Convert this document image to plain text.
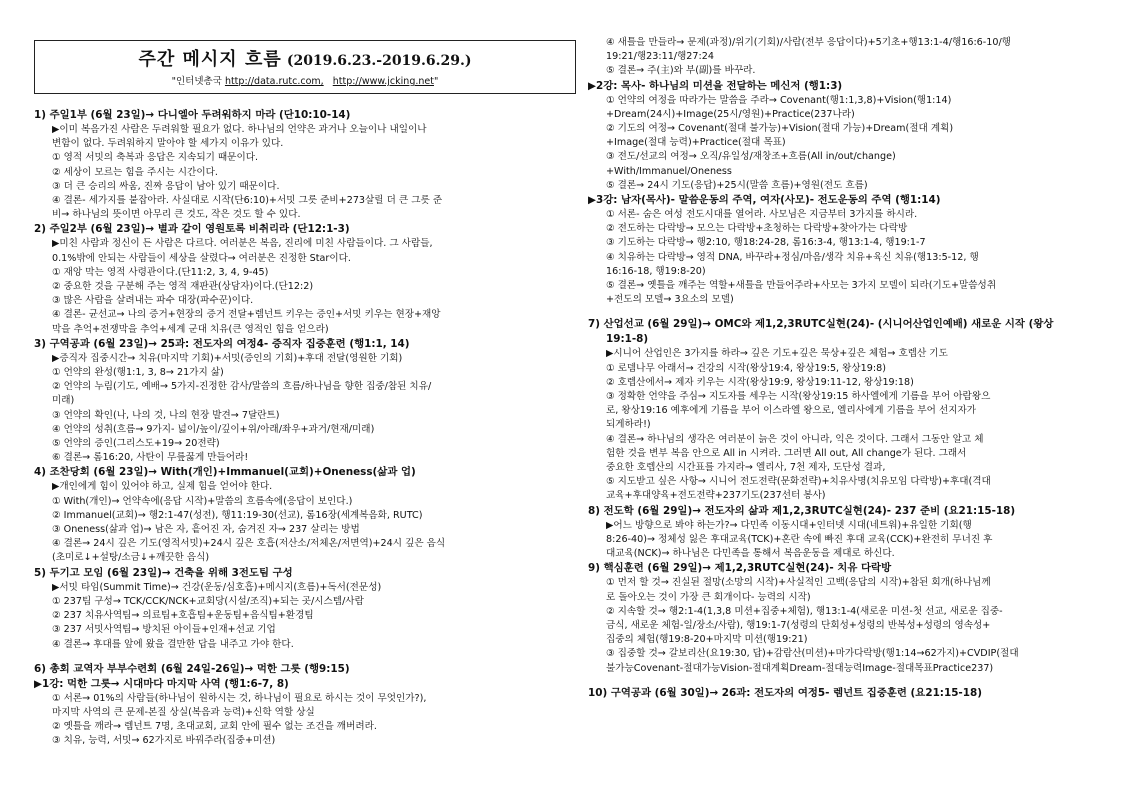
주간 메시지 흐름 (2019.6.23.-2019.6.29.)
"인터넷총국 http://data.rutc.com, http://www.jcking.net"
1) 주일1부 (6월 23일)→ 다니엘아 두려워하지 마라 (단10:10-14)
▶이미 복음가진 사람은 두려워할 필요가 없다. 하나님의 언약은 과거나 오늘이나 내일이나
변함이 없다. 두려워하지 말아야 할 세가지 이유가 있다.
① 영적 서밋의 축복과 응답은 지속되기 때문이다.
② 세상이 모르는 힘을 주시는 시간이다.
③ 더 큰 승리의 싸움, 진짜 응답이 남아 있기 때문이다.
④ 결론- 세가지를 붙잡아라. 사실대로 시작(단6:10)+서밋 그릇 준비+273살릴 더 큰 그릇 준
비→ 하나님의 뜻이면 아무리 큰 것도, 작은 것도 할 수 있다.
2) 주일2부 (6월 23일)→ 별과 같이 영원토록 비취리라 (단12:1-3)
▶미친 사람과 정신이 든 사람은 다르다. 여러분은 복음, 진리에 미친 사람들이다. 그 사람들,
0.1%밖에 안되는 사람들이 세상을 살렸다→ 여러분은 진정한 Star이다.
① 재앙 막는 영적 사령관이다.(단11:2, 3, 4, 9-45)
② 중요한 것을 구분해 주는 영적 재판관(상담자)이다.(단12:2)
③ 많은 사람을 살려내는 파수 대장(파수꾼)이다.
④ 결론- 균선교→ 나의 증거+현장의 증거 전달+렘넌트 키우는 증인+서밋 키우는 현장+재앙
막을 추억+전쟁막을 추억+세계 군대 치유(큰 영적인 힘을 얻으라)
3) 구역공과 (6월 23일)→ 25과: 전도자의 여정4- 증직자 집중훈련 (행1:1, 14)
▶증직자 집중시간→ 치유(마지막 기회)+서밋(증인의 기회)+후대 전달(영원한 기회)
① 언약의 완성(행1:1, 3, 8→ 21가지 삶)
② 언약의 누림(기도, 예배→ 5가지-진정한 감사/말씀의 흐름/하나님을 향한 집중/참된 치유/
미래)
③ 언약의 확인(나, 나의 것, 나의 현장 발견→ 7달란트)
④ 언약의 성취(흐름→ 9가지- 넓이/높이/깊이+위/아래/좌우+과거/현재/미래)
⑤ 언약의 증인(그리스도+19→ 20전략)
⑥ 결론→ 롬16:20, 사탄이 무릎꿇게 만들어라!
4) 조찬당회 (6월 23일)→ With(개인)+Immanuel(교회)+Oneness(삶과 업)
▶개인에게 힘이 있어야 하고, 실제 힘을 얻어야 한다.
① With(개인)→ 언약속에(응답 시작)+말씀의 흐름속에(응답이 보인다.)
② Immanuel(교회)→ 행2:1-47(성전), 행11:19-30(선교), 롬16장(세계복음화, RUTC)
③ Oneness(삶과 업)→ 남은 자, 흩어진 자, 숨겨진 자→ 237 살리는 방법
④ 결론→ 24시 깊은 기도(영적서밋)+24시 깊은 호흡(저산소/저체온/저면역)+24시 깊은 음식
(초미로↓+설탕/소금↓+깨끗한 음식)
5) 두기고 모임 (6월 23일)→ 건축을 위해 3전도팀 구성
▶서밋 타임(Summit Time)→ 건강(운동/심호흡)+메시지(흐름)+독서(전문성)
① 237팀 구성→ TCK/CCK/NCK+교회당(시설/조직)+되는 곳/시스템/사람
② 237 치유사역팀→ 의료팀+호흡팀+운동팀+음식팀+환경팀
③ 237 서밋사역팀→ 방치된 아이들+인재+선교 기업
④ 결론→ 후대를 앞에 왔을 결만한 답을 내주고 가야 한다.
6) 총회 교역자 부부수련회 (6월 24일-26일)→ 먹한 그릇 (행9:15)
▶1강: 먹한 그릇→ 시대마다 마지막 사역 (행1:6-7, 8)
① 서론→ 01%의 사람들(하나님이 원하시는 것, 하나님이 필요로 하시는 것이 무엇인가?),
마지막 사역의 큰 문제-본질 상실(복음과 능력)+신학 역할 상실
② 옛틀을 깨라→ 렘넌트 7명, 초대교회, 교회 안에 필수 없는 조건을 깨버려라.
③ 치유, 능력, 서밋→ 62가지로 바꿔주라(집중+미션)
④ 새틀을 만들라→ 문제(과정)/위기(기회)/사람(전부 응답이다)+5기초+행13:1-4/행16:6-10/행
19:21/행23:11/행27:24
⑤ 결론→ 주(主)와 부(副)를 바꾸라.
▶2강: 목사- 하나님의 미션을 전달하는 메신저 (행1:3)
① 언약의 여정을 따라가는 말씀을 주라→ Covenant(행1:1,3,8)+Vision(행1:14)
+Dream(24시)+Image(25시/영원)+Practice(237나라)
② 기도의 여정→ Covenant(절대 불가능)+Vision(절대 가능)+Dream(절대 계획)
+Image(절대 능력)+Practice(절대 목표)
③ 전도/선교의 여정→ 오직/유일성/재창조+흐름(All in/out/change)
+With/Immanuel/Oneness
⑤ 결론→ 24시 기도(응답)+25시(말씀 흐름)+영원(전도 흐름)
▶3강: 남자(목사)- 말씀운동의 주역, 여자(사모)- 전도운동의 주역 (행1:14)
① 서론- 숨은 여성 전도시대를 열어라. 사모님은 지금부터 3가지를 하시라.
② 전도하는 다락방→ 모으는 다락방+초청하는 다락방+찾아가는 다락방
③ 기도하는 다락방→ 행2:10, 행18:24-28, 롬16:3-4, 행13:1-4, 행19:1-7
④ 치유하는 다락방→ 영적 DNA, 바꾸라+정심/마음/생각 치유+육신 치유(행13:5-12, 행
16:16-18, 행19:8-20)
⑤ 결론→ 옛틀을 깨주는 역할+새틀을 만들어주라+사모는 3가지 모델이 되라(기도+말씀성취
+전도의 모델→ 3요소의 모델)
7) 산업선교 (6월 29일)→ OMC와 제1,2,3RUTC실현(24)- (시니어산업인예배) 새로운 시작 (왕상
19:1-8)
▶시니어 산업인은 3가지를 하라→ 깊은 기도+깊은 묵상+깊은 체험→ 호렙산 기도
① 로뎀나무 아래서→ 건강의 시작(왕상19:4, 왕상19:5, 왕상19:8)
② 호렙산에서→ 제자 키우는 시작(왕상19:9, 왕상19:11-12, 왕상19:18)
③ 정확한 언약을 주심→ 지도자를 세우는 시작(왕상19:15 하사엘에게 기름을 부어 아람왕으
로, 왕상19:16 예후에게 기름을 부어 이스라엘 왕으로, 엘리사에게 기름을 부어 선지자가
되게하라!)
④ 결론→ 하나님의 생각은 여러분이 늙은 것이 아니라, 익은 것이다. 그래서 그동안 알고 체
험한 것을 변부 복음 안으로 All in 시켜라. 그러면 All out, All change가 된다. 그래서
중요한 호렙산의 시간표를 가지라→ 엘리사, 7천 제자, 도단성 결과,
⑤ 지도받고 싶은 사항→ 시니어 전도전략(문화전략)+치유사명(치유모임 다락방)+후대(격대
교육+후대양육+전도전략+237기도(237선터 봉사)
8) 전도학 (6월 29일)→ 전도자의 삶과 제1,2,3RUTC실현(24)- 237 준비 (요21:15-18)
▶어느 방향으로 봐야 하는가?→ 다민족 이동시대+인터넷 시대(네트워)+유일한 기회(행
8:26-40)→ 정체성 잃은 후대교육(TCK)+혼란 속에 빠진 후대 교육(CCK)+완전히 무너진 후
대교육(NCK)→ 하나님은 다민족을 통해서 복음운동을 제대로 하신다.
9) 핵심훈련 (6월 29일)→ 제1,2,3RUTC실현(24)- 치유 다락방
① 먼저 할 것→ 진실된 절망(소망의 시작)+사실적인 고백(응답의 시작)+참된 회개(하나님께
로 돌아오는 것이 가장 큰 회개이다- 능력의 시작)
② 지속할 것→ 행2:1-4(1,3,8 미션+집중+체험), 행13:1-4(새로운 미션-첫 선교, 새로운 집중-
금식, 새로운 체험-일/장소/사람), 행19:1-7(성령의 단회성+성령의 반복성+성령의 영속성+
집중의 체험(행19:8-20+마지막 미션(행19:21)
③ 집중할 것→ 갈보리산(요19:30, 답)+감람산(미션)+마가다락방(행1:14→62가지)+CVDIP(절대
불가능Covenant-절대가능Vision-절대계획Dream-절대능력Image-절대목표Practice237)
10) 구역공과 (6월 30일)→ 26과: 전도자의 여정5- 렘넌트 집중훈련 (요21:15-18)
